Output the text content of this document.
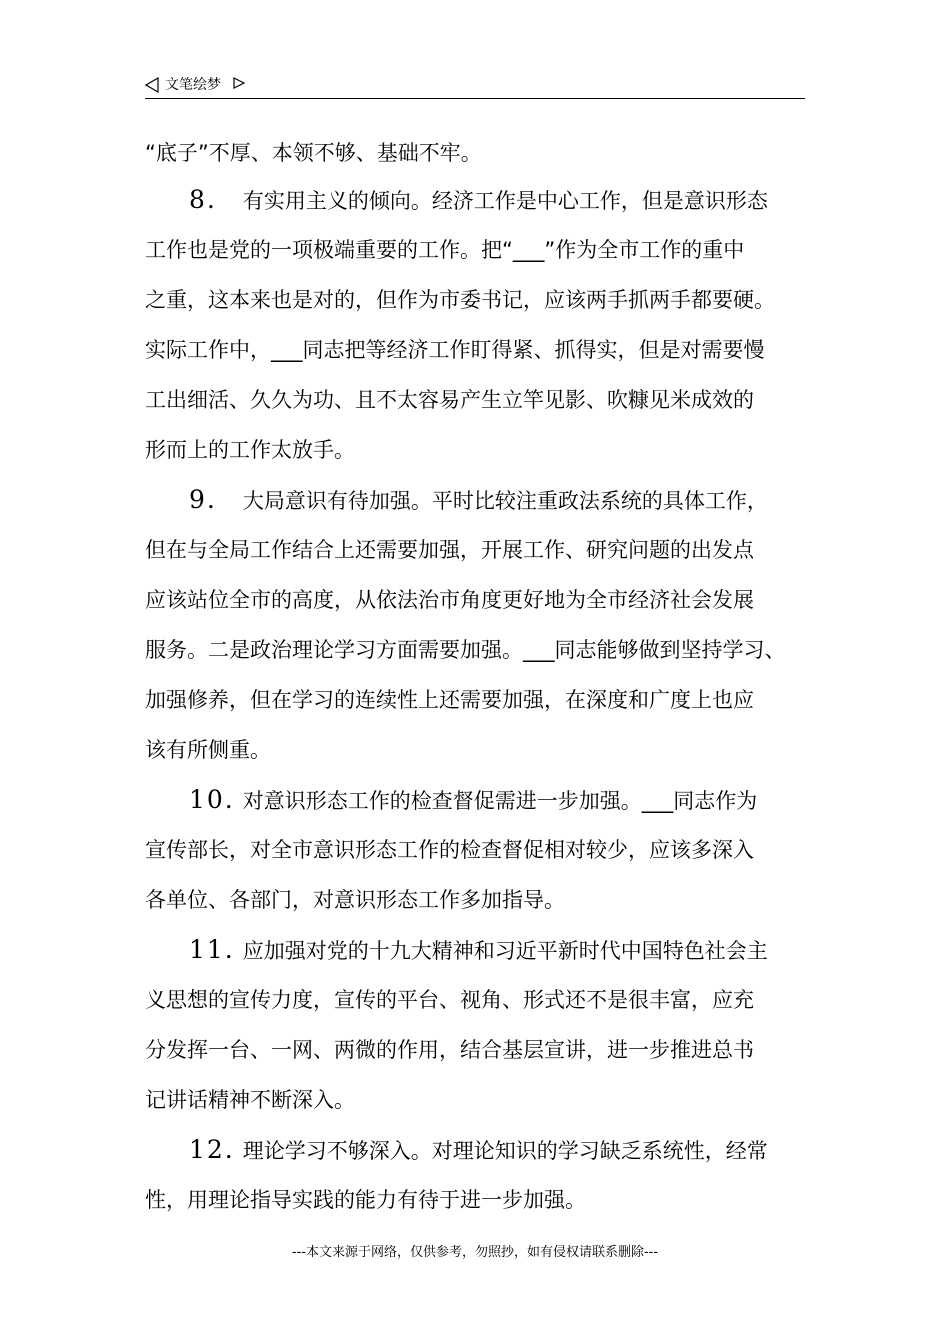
文笔绘梦
“底子”不厚、本领不够、基础不牢。
8. 有实用主义的倾向。经济工作是中心工作，但是意识形态
工作也是党的一项极端重要的工作。把“___”作为全市工作的重中
之重，这本来也是对的，但作为市委书记，应该两手抓两手都要硬。
实际工作中，___同志把等经济工作盯得紧、抓得实，但是对需要慢
工出细活、久久为功、且不太容易产生立竿见影、吹糠见米成效的
形而上的工作太放手。
9. 大局意识有待加强。平时比较注重政法系统的具体工作，
但在与全局工作结合上还需要加强，开展工作、研究问题的出发点
应该站位全市的高度，从依法治市角度更好地为全市经济社会发展
服务。二是政治理论学习方面需要加强。___同志能够做到坚持学习、
加强修养，但在学习的连续性上还需要加强，在深度和广度上也应
该有所侧重。
10. 对意识形态工作的检查督促需进一步加强。___同志作为
宣传部长，对全市意识形态工作的检查督促相对较少，应该多深入
各单位、各部门，对意识形态工作多加指导。
11. 应加强对党的十九大精神和习近平新时代中国特色社会主
义思想的宣传力度，宣传的平台、视角、形式还不是很丰富，应充
分发挥一台、一网、两微的作用，结合基层宣讲，进一步推进总书
记讲话精神不断深入。
12. 理论学习不够深入。对理论知识的学习缺乏系统性，经常
性，用理论指导实践的能力有待于进一步加强。
---本文来源于网络，仅供参考，勿照抄，如有侵权请联系删除---
